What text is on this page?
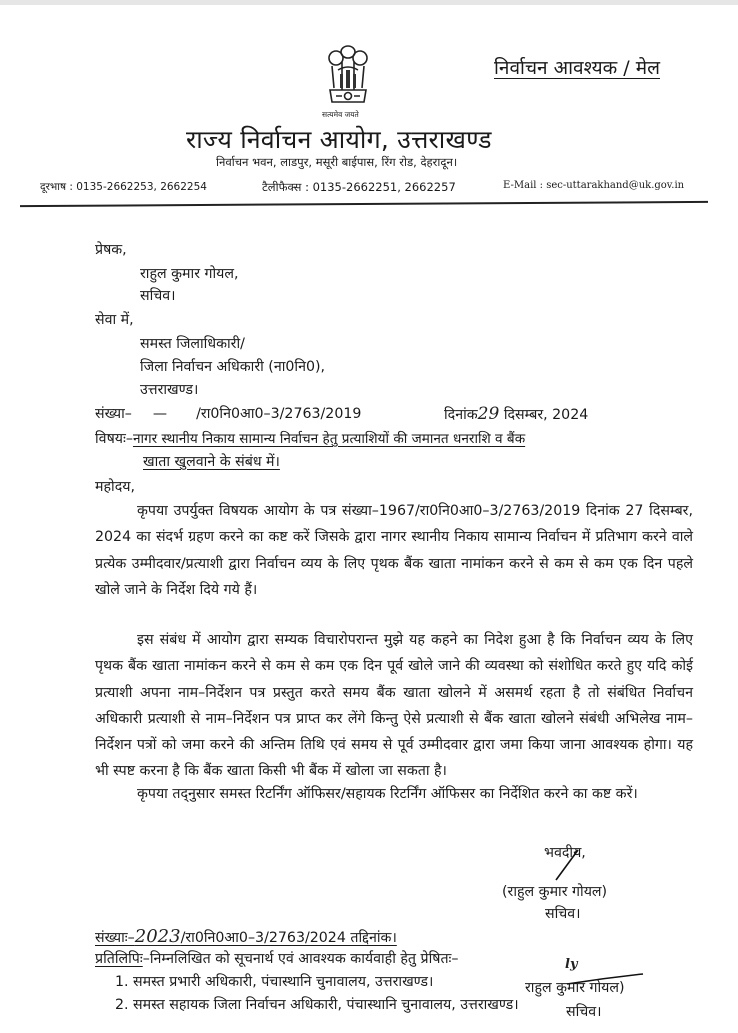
सत्यमेव जयते
निर्वाचन आवश्यक / मेल
राज्य निर्वाचन आयोग, उत्तराखण्ड
निर्वाचन भवन, लाडपुर, मसूरी बाईपास, रिंग रोड, देहरादून।
दूरभाष : 0135-2662253, 2662254	टैलीफैक्स : 0135-2662251, 2662257	E-Mail : sec-uttarakhand@uk.gov.in
प्रेषक,
राहुल कुमार गोयल,
सचिव।
सेवा में,
समस्त जिलाधिकारी/
जिला निर्वाचन अधिकारी (ना0नि0),
उत्तराखण्ड।
संख्या– — /रा0नि0आ0–3/2763/2019	दिनांक29 दिसम्बर, 2024
विषयः–नागर स्थानीय निकाय सामान्य निर्वाचन हेतु प्रत्याशियों की जमानत धनराशि व बैंक
खाता खुलवाने के संबंध में।
महोदय,
कृपया उपर्युक्त विषयक आयोग के पत्र संख्या–1967/रा0नि0आ0–3/2763/2019 दिनांक 27 दिसम्बर, 2024 का संदर्भ ग्रहण करने का कष्ट करें जिसके द्वारा नागर स्थानीय निकाय सामान्य निर्वाचन में प्रतिभाग करने वाले प्रत्येक उम्मीदवार/प्रत्याशी द्वारा निर्वाचन व्यय के लिए पृथक बैंक खाता नामांकन करने से कम से कम एक दिन पहले खोले जाने के निर्देश दिये गये हैं।
इस संबंध में आयोग द्वारा सम्यक विचारोपरान्त मुझे यह कहने का निदेश हुआ है कि निर्वाचन व्यय के लिए पृथक बैंक खाता नामांकन करने से कम से कम एक दिन पूर्व खोले जाने की व्यवस्था को संशोधित करते हुए यदि कोई प्रत्याशी अपना नाम–निर्देशन पत्र प्रस्तुत करते समय बैंक खाता खोलने में असमर्थ रहता है तो संबंधित निर्वाचन अधिकारी प्रत्याशी से नाम–निर्देशन पत्र प्राप्त कर लेंगे किन्तु ऐसे प्रत्याशी से बैंक खाता खोलने संबंधी अभिलेख नाम–निर्देशन पत्रों को जमा करने की अन्तिम तिथि एवं समय से पूर्व उम्मीदवार द्वारा जमा किया जाना आवश्यक होगा। यह भी स्पष्ट करना है कि बैंक खाता किसी भी बैंक में खोला जा सकता है।
कृपया तद्नुसार समस्त रिटर्निंग ऑफिसर/सहायक रिटर्निंग ऑफिसर का निर्देशित करने का कष्ट करें।
भवदीय,
(राहुल कुमार गोयल)
सचिव।
संख्याः–2023/रा0नि0आ0–3/2763/2024 तद्दिनांक।
प्रतिलिपिः–निम्नलिखित को सूचनार्थ एवं आवश्यक कार्यवाही हेतु प्रेषितः–
1. समस्त प्रभारी अधिकारी, पंचास्थानि चुनावालय, उत्तराखण्ड।
2. समस्त सहायक जिला निर्वाचन अधिकारी, पंचास्थानि चुनावालय, उत्तराखण्ड।
ly
राहुल कुमार गोयल)
सचिव।
